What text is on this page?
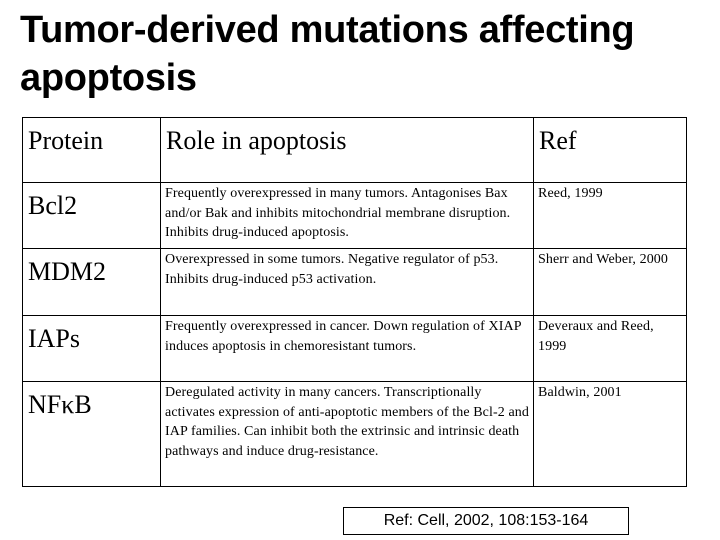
Tumor-derived mutations affecting apoptosis
Protein	Role in apoptosis	Ref

Bcl2	Frequently overexpressed in many tumors. Antagonises Bax and/or Bak and inhibits mitochondrial membrane disruption. Inhibits drug-induced apoptosis.	Reed, 1999

MDM2	Overexpressed in some tumors. Negative regulator of p53. Inhibits drug-induced p53 activation.	Sherr and Weber, 2000

IAPs	Frequently overexpressed in cancer. Down regulation of XIAP induces apoptosis in chemoresistant tumors.	Deveraux and Reed, 1999

NFκB	Deregulated activity in many cancers. Transcriptionally activates expression of anti-apoptotic members of the Bcl-2 and IAP families. Can inhibit both the extrinsic and intrinsic death pathways and induce drug-resistance.	Baldwin, 2001
Ref: Cell, 2002, 108:153-164
